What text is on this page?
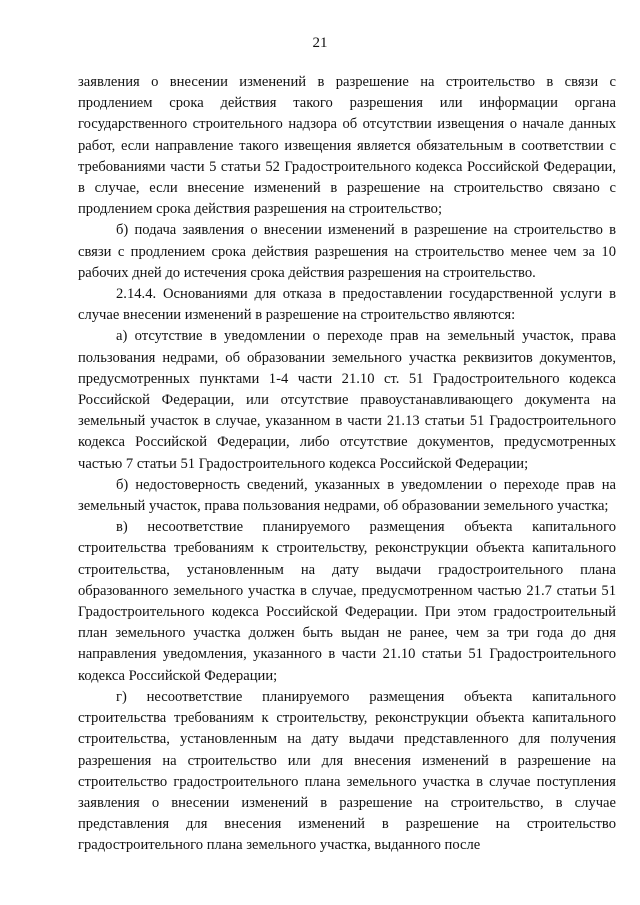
21

заявления о внесении изменений в разрешение на строительство в связи с продлением срока действия такого разрешения или информации органа государственного строительного надзора об отсутствии извещения о начале данных работ, если направление такого извещения является обязательным в соответствии с требованиями части 5 статьи 52 Градостроительного кодекса Российской Федерации, в случае, если внесение изменений в разрешение на строительство связано с продлением срока действия разрешения на строительство;

б) подача заявления о внесении изменений в разрешение на строительство в связи с продлением срока действия разрешения на строительство менее чем за 10 рабочих дней до истечения срока действия разрешения на строительство.

2.14.4. Основаниями для отказа в предоставлении государственной услуги в случае внесении изменений в разрешение на строительство являются:

а) отсутствие в уведомлении о переходе прав на земельный участок, права пользования недрами, об образовании земельного участка реквизитов документов, предусмотренных пунктами 1-4 части 21.10 ст. 51 Градостроительного кодекса Российской Федерации, или отсутствие правоустанавливающего документа на земельный участок в случае, указанном в части 21.13 статьи 51 Градостроительного кодекса Российской Федерации, либо отсутствие документов, предусмотренных частью 7 статьи 51 Градостроительного кодекса Российской Федерации;

б) недостоверность сведений, указанных в уведомлении о переходе прав на земельный участок, права пользования недрами, об образовании земельного участка;

в) несоответствие планируемого размещения объекта капитального строительства требованиям к строительству, реконструкции объекта капитального строительства, установленным на дату выдачи градостроительного плана образованного земельного участка в случае, предусмотренном частью 21.7 статьи 51 Градостроительного кодекса Российской Федерации. При этом градостроительный план земельного участка должен быть выдан не ранее, чем за три года до дня направления уведомления, указанного в части 21.10 статьи 51 Градостроительного кодекса Российской Федерации;

г) несоответствие планируемого размещения объекта капитального строительства требованиям к строительству, реконструкции объекта капитального строительства, установленным на дату выдачи представленного для получения разрешения на строительство или для внесения изменений в разрешение на строительство градостроительного плана земельного участка в случае поступления заявления о внесении изменений в разрешение на строительство, в случае представления для внесения изменений в разрешение на строительство градостроительного плана земельного участка, выданного после
